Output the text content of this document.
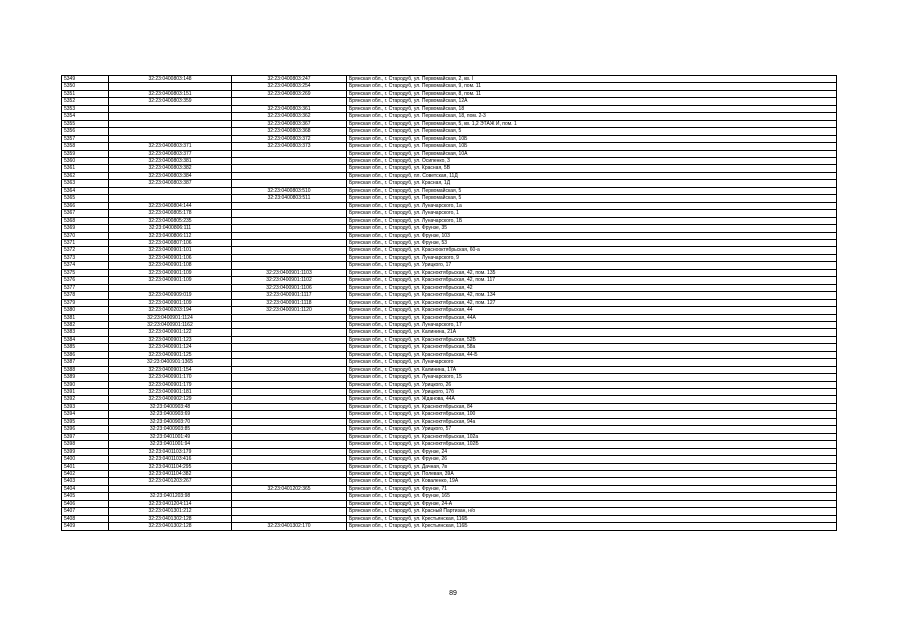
5349	32:23:0400803:148	32:23:0400803:247	Брянская обл., г. Стародуб, ул. Первомайская, 2, кв. I
5350		32:23:0400803:254	Брянская обл., г. Стародуб, ул. Первомайская, 9, пом. 11
5351	32:23:0400803:151	32:23:0400803:269	Брянская обл., г. Стародуб, ул. Первомайская, 8, пом. 11
5352	32:23:0400803:359		Брянская обл., г. Стародуб, ул. Первомайская, 12А
5353		32:23:0400803:361	Брянская обл., г. Стародуб, ул. Первомайская, 18
5354		32:23:0400803:362	Брянская обл., г. Стародуб, ул. Первомайская, 18, пом. 2-3
5355		32:23:0400803:367	Брянская обл., г. Стародуб, ул. Первомайская, 5, кв. 1,2 ЭТАЖ И, пом. 1
5356		32:23:0400803:368	Брянская обл., г. Стародуб, ул. Первомайская, 5
5357		32:23:0400803:372	Брянская обл., г. Стародуб, ул. Первомайская, 10Б
5358	32:23:0400803:371	32:23:0400803:373	Брянская обл., г. Стародуб, ул. Первомайская, 10Б
5359	32:23:0400803:377		Брянская обл., г. Стародуб, ул. Первомайская, 10А
5360	32:23:0400803:381		Брянская обл., г. Стародуб, ул. Осипенко, 3
5361	32:23:0400803:382		Брянская обл., г. Стародуб, ул. Красная, 5В
5362	32:23:0400803:384		Брянская обл., г. Стародуб, пл. Советская, 11Д
5363	32:23:0400803:387		Брянская обл., г. Стародуб, ул. Красная, 1Д
5364		32:23:0400803:510	Брянская обл., г. Стародуб, ул. Первомайская, 5
5365		32:23:0400803:511	Брянская обл., г. Стародуб, ул. Первомайская, 5
5366	32:23:0400804:144		Брянская обл., г. Стародуб, ул. Луначарского, 1а
5367	32:23:0400805:178		Брянская обл., г. Стародуб, ул. Луначарского, 1
5368	32:23:0400805:235		Брянская обл., г. Стародуб, ул. Луначарского, 1Б
5369	32:23:0400806:111		Брянская обл., г. Стародуб, ул. Фрунзе, 35
5370	32:23:0400806:112		Брянская обл., г. Стародуб, ул. Фрунзе, 103
5371	32:23:0400807:106		Брянская обл., г. Стародуб, ул. Фрунзе, 53
5372	32:23:0400901:101		Брянская обл., г. Стародуб, ул. Краснооктябрьская, 60-а
5373	32:23:0400901:106		Брянская обл., г. Стародуб, ул. Луначарского, 9
5374	32:23:0400901:108		Брянская обл., г. Стародуб, ул. Урицкого, 17
5375	32:23:0400901:109	32:23:0400901:1103	Брянская обл., г. Стародуб, ул. Красноктябрьская, 42, пом. 135
5376	32:23:0400901:109	32:23:0400901:1102	Брянская обл., г. Стародуб, ул. Красноктябрьская, 42, пом. 117
5377		32:23:0400901:1106	Брянская обл., г. Стародуб, ул. Красноктябрьская, 42
5378	32:23:0400909:019	32:23:0400901:1117	Брянская обл., г. Стародуб, ул. Красноктябрьская, 42, пом. 134
5379	32:23:0400901:109	32:23:0400901:1118	Брянская обл., г. Стародуб, ул. Красноктябрьская, 42, пом. 127
5380	32:23:0400203:194	32:23:0400901:1120	Брянская обл., г. Стародуб, ул. Красноктябрьская, 44
5381	32:23:0400901:1124		Брянская обл., г. Стародуб, ул. Красноктябрьская, 44А
5382	32:23:0400901:1162		Брянская обл., г. Стародуб, ул. Луначарского, 17
5383	32:23:0400901:122		Брянская обл., г. Стародуб, ул. Калинина, 21А
5384	32:23:0400901:123		Брянская обл., г. Стародуб, ул. Красноктябрьская, 52Б
5385	32:23:0400901:124		Брянская обл., г. Стародуб, ул. Красноктябрьская, 58а
5386	32:23:0400901:125		Брянская обл., г. Стародуб, ул. Красноктябрьская, 44-Б
5387	32:23:0400901:1365		Брянская обл., г. Стародуб, ул. Луначарского
5388	32:23:0400901:154		Брянская обл., г. Стародуб, ул. Калинина, 17А
5389	32:23:0400901:170		Брянская обл., г. Стародуб, ул. Луначарского, 15
5390	32:23:0400901:179		Брянская обл., г. Стародуб, ул. Урицкого, 26
5391	32:23:0400901:181		Брянская обл., г. Стародуб, ул. Урицкого, 17б
5392	32:23:0400902:129		Брянская обл., г. Стародуб, ул. Жданова, 44А
5393	32:23:0400903:48		Брянская обл., г. Стародуб, ул. Красноктябрьская, 84
5394	32:23:0400903:69		Брянская обл., г. Стародуб, ул. Красноктябрьская, 100
5395	32:23:0400903:70		Брянская обл., г. Стародуб, ул. Красноктябрьская, 94а
5396	32:23:0400903:85		Брянская обл., г. Стародуб, ул. Урицкого, 57
5397	32:23:0401001:49		Брянская обл., г. Стародуб, ул. Красноктябрьская, 102а
5398	32:23:0401001:94		Брянская обл., г. Стародуб, ул. Красноктябрьская, 102Б
5399	32:23:0401103:179		Брянская обл., г. Стародуб, ул. Фрунзе, 24
5400	32:23:0401103:416		Брянская обл., г. Стародуб, ул. Фрунзе, 26
5401	32:23:0401104:295		Брянская обл., г. Стародуб, ул. Дачная, 7в
5402	32:23:0401104:382		Брянская обл., г. Стародуб, ул. Полевая, 39А
5403	32:23:0401203:267		Брянская обл., г. Стародуб, ул. Коваленко, 19А
5404		32:23:0401202:365	Брянская обл., г. Стародуб, ул. Фрунзе, 71
5405	32:23:0401203:98		Брянская обл., г. Стародуб, ул. Фрунзе, 165
5406	32:23:0401204:114		Брянская обл., г. Стародуб, ул. Фрунзе, 24-А
5407	32:23:0401301:212		Брянская обл., г. Стародуб, ул. Красный Партизан, н/о
5408	32:23:0401302:128		Брянская обл., г. Стародуб, ул. Крестьянская, 116Б
5409	32:23:0401302:128	32:23:0401302:170	Брянская обл., г. Стародуб, ул. Крестьянская, 116Б
89
